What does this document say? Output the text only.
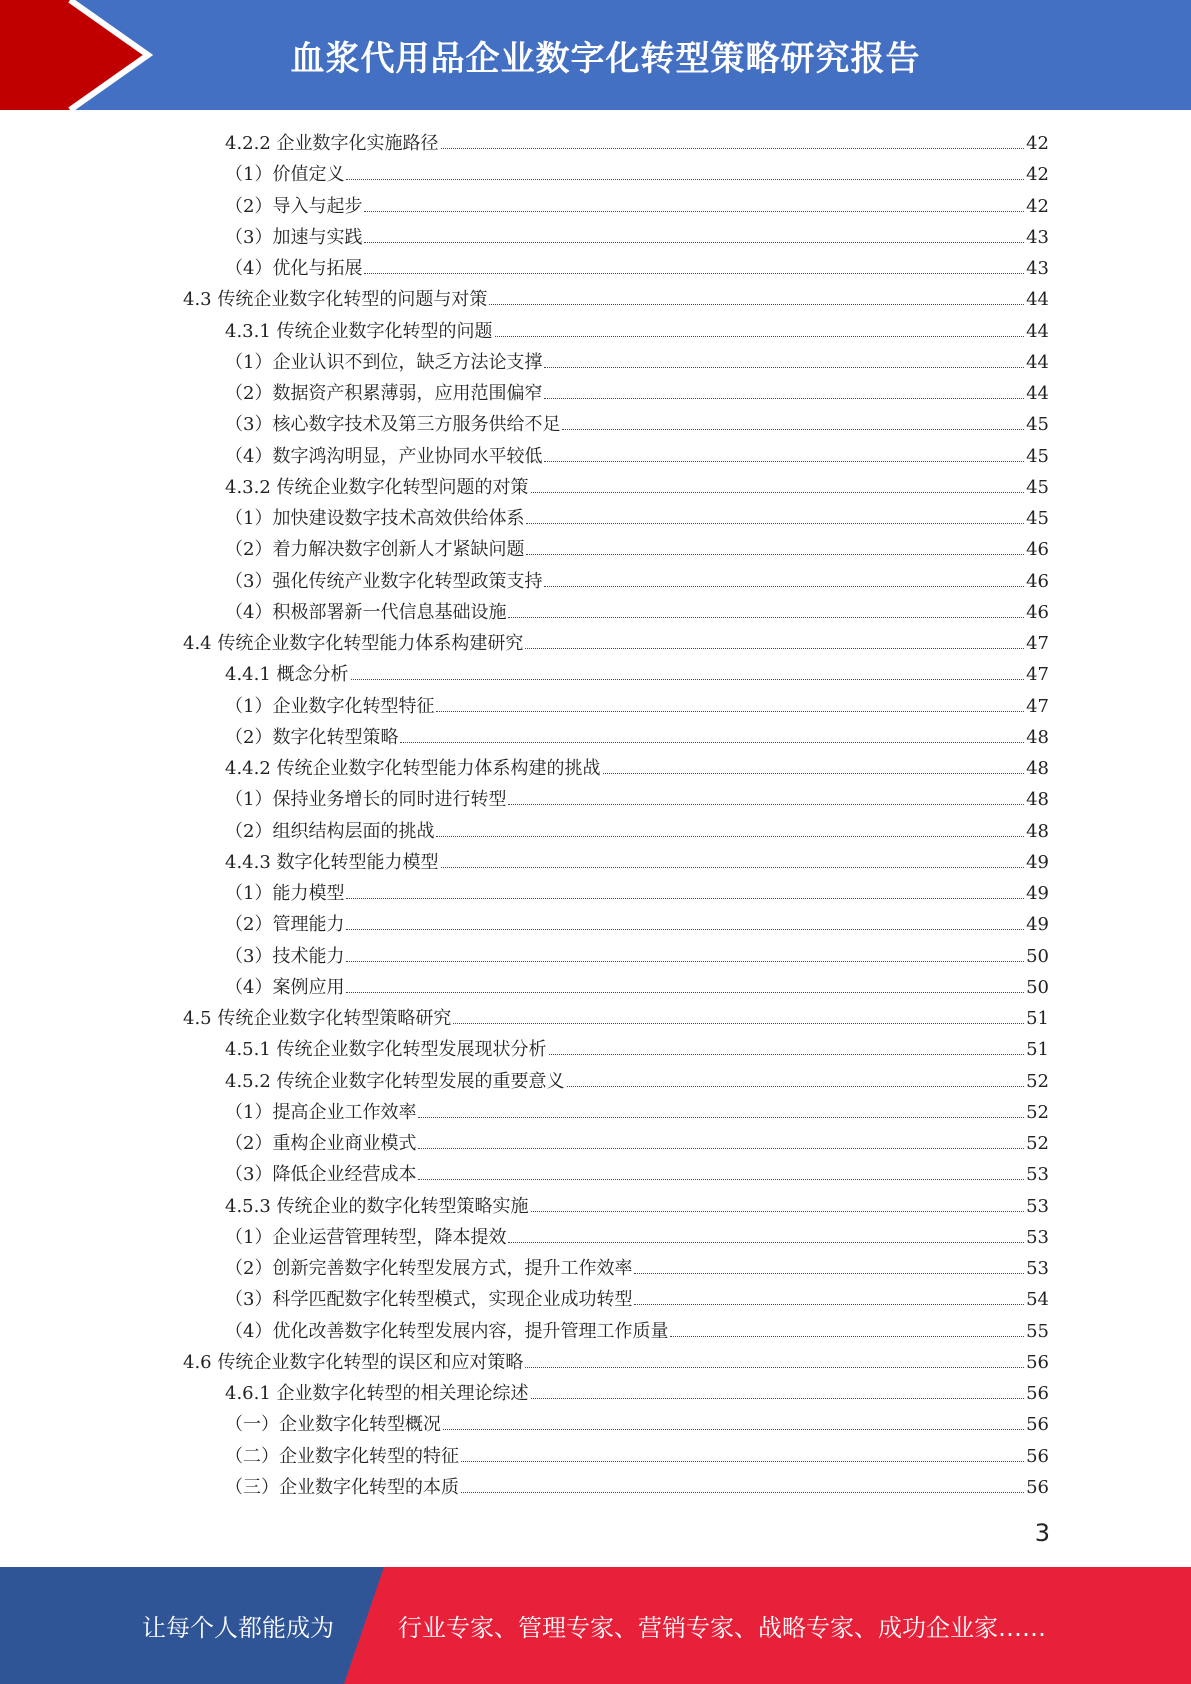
血浆代用品企业数字化转型策略研究报告
4.2.2 企业数字化实施路径	42
（1）价值定义	42
（2）导入与起步	42
（3）加速与实践	43
（4）优化与拓展	43
4.3 传统企业数字化转型的问题与对策	44
4.3.1 传统企业数字化转型的问题	44
（1）企业认识不到位，缺乏方法论支撑	44
（2）数据资产积累薄弱，应用范围偏窄	44
（3）核心数字技术及第三方服务供给不足	45
（4）数字鸿沟明显，产业协同水平较低	45
4.3.2 传统企业数字化转型问题的对策	45
（1）加快建设数字技术高效供给体系	45
（2）着力解决数字创新人才紧缺问题	46
（3）强化传统产业数字化转型政策支持	46
（4）积极部署新一代信息基础设施	46
4.4 传统企业数字化转型能力体系构建研究	47
4.4.1 概念分析	47
（1）企业数字化转型特征	47
（2）数字化转型策略	48
4.4.2 传统企业数字化转型能力体系构建的挑战	48
（1）保持业务增长的同时进行转型	48
（2）组织结构层面的挑战	48
4.4.3 数字化转型能力模型	49
（1）能力模型	49
（2）管理能力	49
（3）技术能力	50
（4）案例应用	50
4.5 传统企业数字化转型策略研究	51
4.5.1 传统企业数字化转型发展现状分析	51
4.5.2 传统企业数字化转型发展的重要意义	52
（1）提高企业工作效率	52
（2）重构企业商业模式	52
（3）降低企业经营成本	53
4.5.3 传统企业的数字化转型策略实施	53
（1）企业运营管理转型，降本提效	53
（2）创新完善数字化转型发展方式，提升工作效率	53
（3）科学匹配数字化转型模式，实现企业成功转型	54
（4）优化改善数字化转型发展内容，提升管理工作质量	55
4.6 传统企业数字化转型的误区和应对策略	56
4.6.1 企业数字化转型的相关理论综述	56
（一）企业数字化转型概况	56
（二）企业数字化转型的特征	56
（三）企业数字化转型的本质	56
3
让每个人都能成为	行业专家、管理专家、营销专家、战略专家、成功企业家……
